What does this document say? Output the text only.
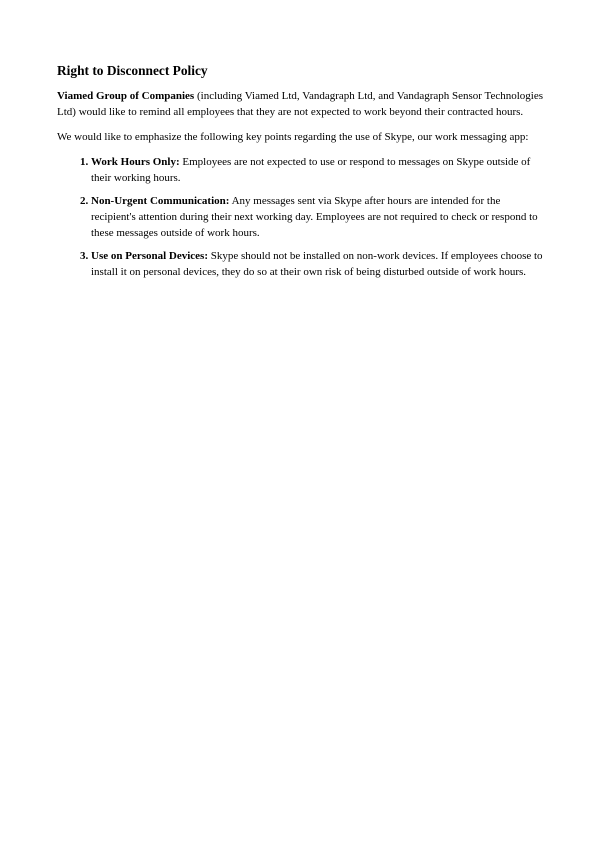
Right to Disconnect Policy

Viamed Group of Companies (including Viamed Ltd, Vandagraph Ltd, and Vandagraph Sensor Technologies Ltd) would like to remind all employees that they are not expected to work beyond their contracted hours.

We would like to emphasize the following key points regarding the use of Skype, our work messaging app:

1. Work Hours Only: Employees are not expected to use or respond to messages on Skype outside of their working hours.
2. Non-Urgent Communication: Any messages sent via Skype after hours are intended for the recipient's attention during their next working day. Employees are not required to check or respond to these messages outside of work hours.
3. Use on Personal Devices: Skype should not be installed on non-work devices. If employees choose to install it on personal devices, they do so at their own risk of being disturbed outside of work hours.
